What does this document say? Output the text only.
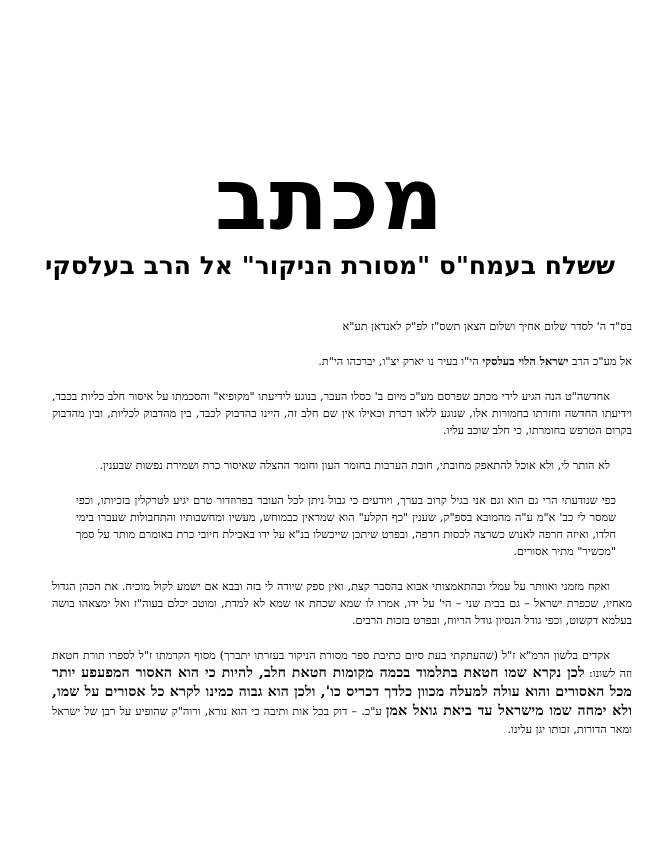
מכתב
ששלח בעמח"ס "מסורת הניקור" אל הרב בעלסקי

בס"ד ה' לסדר שלום אחיך ושלום הצאן תשס"ז לפ"ק לאנדאן תע"א

אל מע"כ הרב ישראל הלוי בעלסקי הי"ו בעיר נו יארק יצ"ו, יברכהו הי"ת.

אחדשה"ט הנה הגיע לידי מכתב שפרסם מע"כ מיום ב' כסלו העבר, בנוגע לידיעתו "מקופיא" והסכמתו על איסור חלב כליות בכבד, וידיעתו החדשה וחזרתו בחמורות אלו, שנוגע ללאו דכרת וכאילו אין שם חלב זה, היינו בהדבוק לכבד, בין מהדבוק לכליות, ובין מהדבוק בקרום הטרפש בחומרתו, כי חלב שוכב עליו.

לא הותר לי, ולא אוכל להתאפק מחובתי, חובת הערבות בחומר העון וחומר ההצלה שאיסור כרת ושמירת נפשות שבענין.

כפי שנודעתי הרי גם הוא וגם אני בגיל קרוב בערך, ויודעים כי גבול ניתן לכל העובר בפרוזדור טרם יגיע לטרקלין בזכיותו, וכפי שמסר לי כב' א"מ ע"ה מהמובא בספ"ק, שענין "כף הקלע" הוא שמראין כבמוחש, מעשיו ומחשבותיו והתחבולות שעברו בימי חלדו, ואיזה חרפה לאנוש כשרצה לכסות חרפה, ובפרט שיתכן שייכשלו בנ"א על ידו באכילת חיובי כרת באומרם מותר על סמך "מכשיר" מתיר אסורים.

ואקח מזמני ואוותר על עמלי ובהתאמצותי אבוא בהסבר קצת, ואין ספק שיודה לי בזה ובבא אם ישמע לקול מוכיח. את הכהן הגדול מאחיו, שכפרת ישראל – גם בבית שני – הי' על ידו, אמרו לו שמא שכחת או שמא לא למדת, ומוטב יכלם בעוה"ז ואל ימצאהו בושה בעלמא דקשוט, וכפי גודל הנסיון גודל הריוח, ובפרט בזכות הרבים.

אקדים בלשון הרמ"א ז"ל (שהעתקתי בעת סיום כתיבת ספר מסורת הניקור בעזרתו יתברך) מסוף הקדמתו ז"ל לספרו תורת חטאת וזה לשונו: לכן נקרא שמו חטאת בתלמוד בכמה מקומות חטאת חלב, להיות כי הוא האסור המפעפע יותר מכל האסורים והוא עולה למעלה מכוון כלדך דכריס כו', ולכן הוא גבוה כמינו לקרא כל אסורים על שמו, ולא ימחה שמו מישראל עד ביאת גואל אמן ע"כ. – דוק בכל אות ותיבה כי הוא נורא, ורוה"ק שהופיע על רבן של ישראל ומאר הדורות, זכותו יגן עלינו.
